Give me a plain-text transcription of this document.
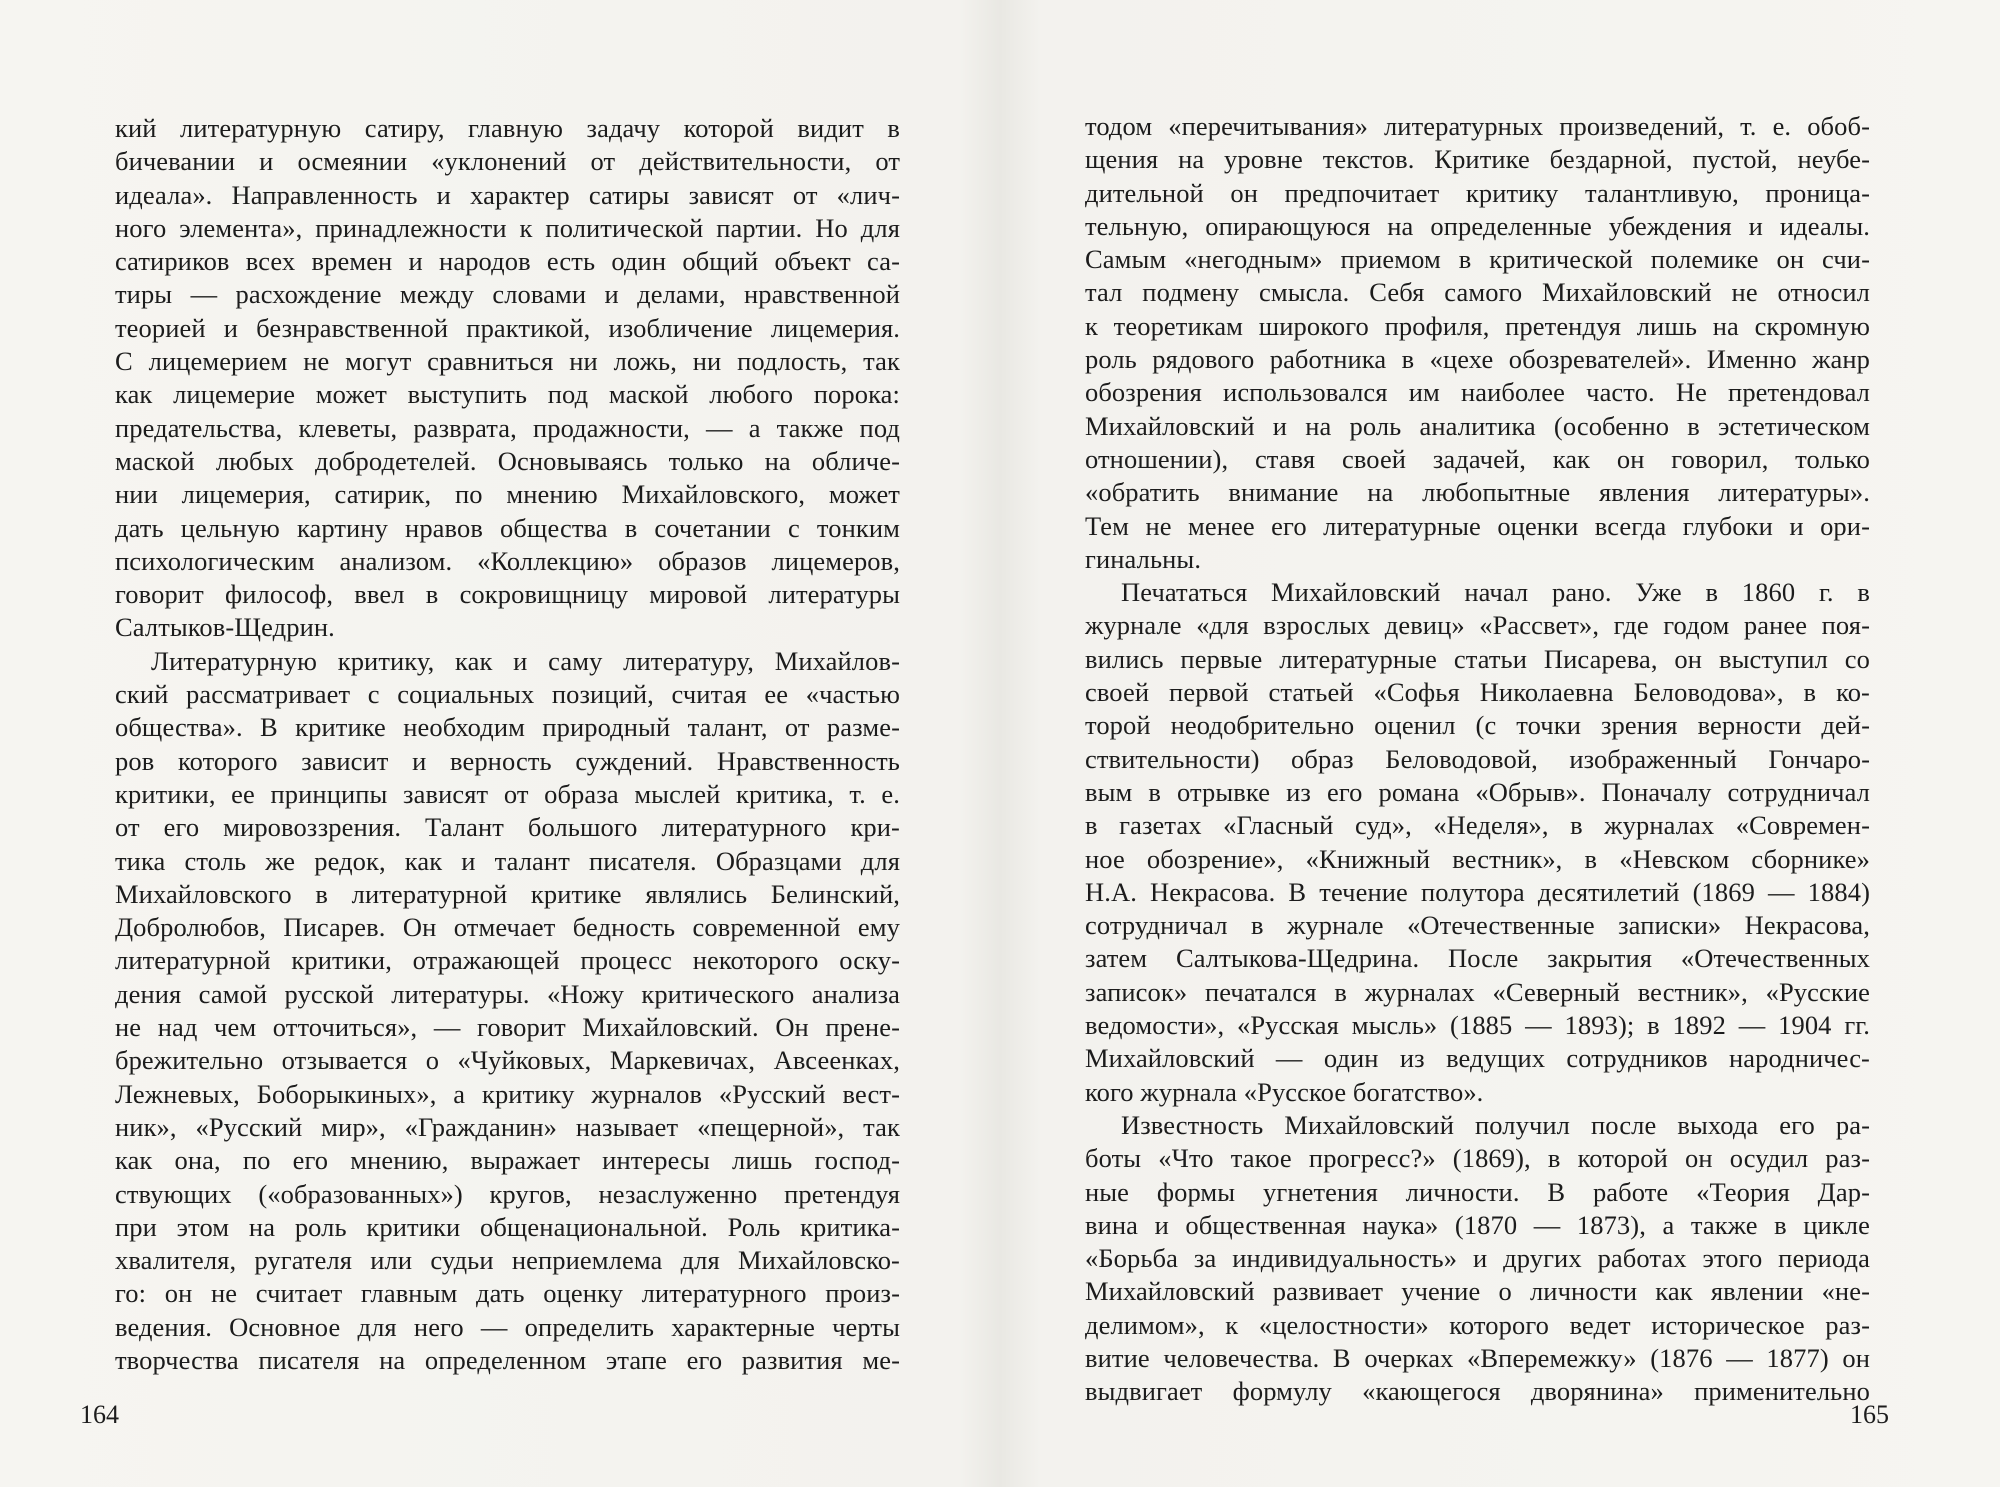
кий литературную сатиру, главную задачу которой видит в
бичевании и осмеянии «уклонений от действительности, от
идеала». Направленность и характер сатиры зависят от «лич-
ного элемента», принадлежности к политической партии. Но для
сатириков всех времен и народов есть один общий объект са-
тиры — расхождение между словами и делами, нравственной
теорией и безнравственной практикой, изобличение лицемерия.
С лицемерием не могут сравниться ни ложь, ни подлость, так
как лицемерие может выступить под маской любого порока:
предательства, клеветы, разврата, продажности, — а также под
маской любых добродетелей. Основываясь только на обличе-
нии лицемерия, сатирик, по мнению Михайловского, может
дать цельную картину нравов общества в сочетании с тонким
психологическим анализом. «Коллекцию» образов лицемеров,
говорит философ, ввел в сокровищницу мировой литературы
Салтыков-Щедрин.
Литературную критику, как и саму литературу, Михайлов-
ский рассматривает с социальных позиций, считая ее «частью
общества». В критике необходим природный талант, от разме-
ров которого зависит и верность суждений. Нравственность
критики, ее принципы зависят от образа мыслей критика, т. е.
от его мировоззрения. Талант большого литературного кри-
тика столь же редок, как и талант писателя. Образцами для
Михайловского в литературной критике являлись Белинский,
Добролюбов, Писарев. Он отмечает бедность современной ему
литературной критики, отражающей процесс некоторого оску-
дения самой русской литературы. «Ножу критического анализа
не над чем отточиться», — говорит Михайловский. Он прене-
брежительно отзывается о «Чуйковых, Маркевичах, Авсеенках,
Лежневых, Боборыкиных», а критику журналов «Русский вест-
ник», «Русский мир», «Гражданин» называет «пещерной», так
как она, по его мнению, выражает интересы лишь господ-
ствующих («образованных») кругов, незаслуженно претендуя
при этом на роль критики общенациональной. Роль критика-
хвалителя, ругателя или судьи неприемлема для Михайловско-
го: он не считает главным дать оценку литературного произ-
ведения. Основное для него — определить характерные черты
творчества писателя на определенном этапе его развития ме-
тодом «перечитывания» литературных произведений, т. е. обоб-
щения на уровне текстов. Критике бездарной, пустой, неубе-
дительной он предпочитает критику талантливую, проница-
тельную, опирающуюся на определенные убеждения и идеалы.
Самым «негодным» приемом в критической полемике он счи-
тал подмену смысла. Себя самого Михайловский не относил
к теоретикам широкого профиля, претендуя лишь на скромную
роль рядового работника в «цехе обозревателей». Именно жанр
обозрения использовался им наиболее часто. Не претендовал
Михайловский и на роль аналитика (особенно в эстетическом
отношении), ставя своей задачей, как он говорил, только
«обратить внимание на любопытные явления литературы».
Тем не менее его литературные оценки всегда глубоки и ори-
гинальны.
Печататься Михайловский начал рано. Уже в 1860 г. в
журнале «для взрослых девиц» «Рассвет», где годом ранее поя-
вились первые литературные статьи Писарева, он выступил со
своей первой статьей «Софья Николаевна Беловодова», в ко-
торой неодобрительно оценил (с точки зрения верности дей-
ствительности) образ Беловодовой, изображенный Гончаро-
вым в отрывке из его романа «Обрыв». Поначалу сотрудничал
в газетах «Гласный суд», «Неделя», в журналах «Современ-
ное обозрение», «Книжный вестник», в «Невском сборнике»
Н.А. Некрасова. В течение полутора десятилетий (1869 — 1884)
сотрудничал в журнале «Отечественные записки» Некрасова,
затем Салтыкова-Щедрина. После закрытия «Отечественных
записок» печатался в журналах «Северный вестник», «Русские
ведомости», «Русская мысль» (1885 — 1893); в 1892 — 1904 гг.
Михайловский — один из ведущих сотрудников народничес-
кого журнала «Русское богатство».
Известность Михайловский получил после выхода его ра-
боты «Что такое прогресс?» (1869), в которой он осудил раз-
ные формы угнетения личности. В работе «Теория Дар-
вина и общественная наука» (1870 — 1873), а также в цикле
«Борьба за индивидуальность» и других работах этого периода
Михайловский развивает учение о личности как явлении «не-
делимом», к «целостности» которого ведет историческое раз-
витие человечества. В очерках «Вперемежку» (1876 — 1877) он
выдвигает формулу «кающегося дворянина» применительно
164	165
